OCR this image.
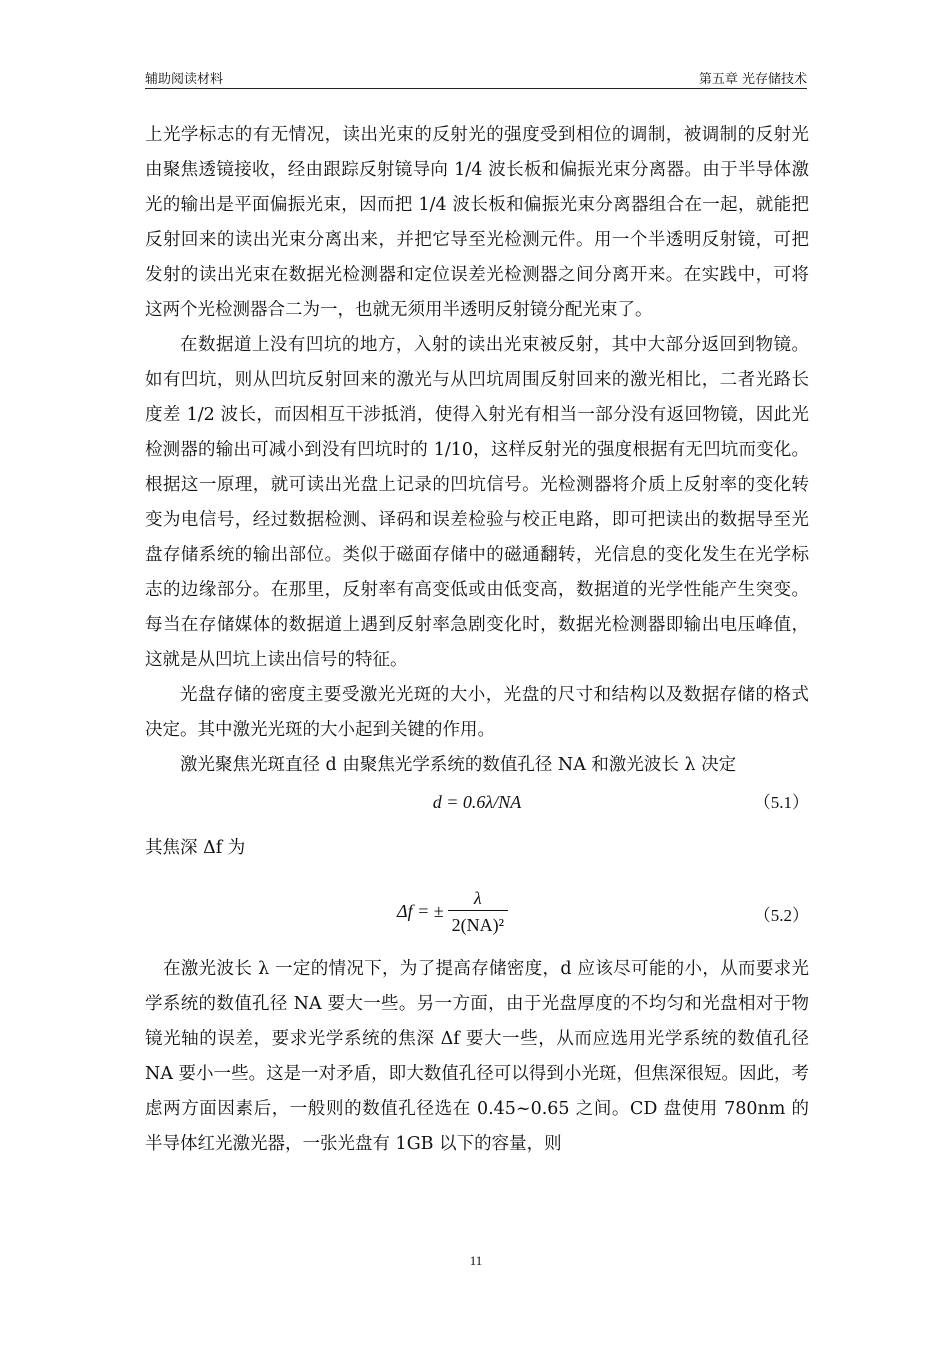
辅助阅读材料	第五章 光存储技术

上光学标志的有无情况，读出光束的反射光的强度受到相位的调制，被调制的反射光由聚焦透镜接收，经由跟踪反射镜导向 1/4 波长板和偏振光束分离器。由于半导体激光的输出是平面偏振光束，因而把 1/4 波长板和偏振光束分离器组合在一起，就能把反射回来的读出光束分离出来，并把它导至光检测元件。用一个半透明反射镜，可把发射的读出光束在数据光检测器和定位误差光检测器之间分离开来。在实践中，可将这两个光检测器合二为一，也就无须用半透明反射镜分配光束了。

在数据道上没有凹坑的地方，入射的读出光束被反射，其中大部分返回到物镜。如有凹坑，则从凹坑反射回来的激光与从凹坑周围反射回来的激光相比，二者光路长度差 1/2 波长，而因相互干涉抵消，使得入射光有相当一部分没有返回物镜，因此光检测器的输出可减小到没有凹坑时的 1/10，这样反射光的强度根据有无凹坑而变化。根据这一原理，就可读出光盘上记录的凹坑信号。光检测器将介质上反射率的变化转变为电信号，经过数据检测、译码和误差检验与校正电路，即可把读出的数据导至光盘存储系统的输出部位。类似于磁面存储中的磁通翻转，光信息的变化发生在光学标志的边缘部分。在那里，反射率有高变低或由低变高，数据道的光学性能产生突变。每当在存储媒体的数据道上遇到反射率急剧变化时，数据光检测器即输出电压峰值，这就是从凹坑上读出信号的特征。

光盘存储的密度主要受激光光斑的大小，光盘的尺寸和结构以及数据存储的格式决定。其中激光光斑的大小起到关键的作用。

激光聚焦光斑直径 d 由聚焦光学系统的数值孔径 NA 和激光波长 λ 决定

d = 0.6λ/NA	（5.1）

其焦深 Δf 为

Δf = ± $\frac{\lambda}{\text{2(NA)²}}$	（5.2）

在激光波长 λ 一定的情况下，为了提高存储密度，d 应该尽可能的小，从而要求光学系统的数值孔径 NA 要大一些。另一方面，由于光盘厚度的不均匀和光盘相对于物镜光轴的误差，要求光学系统的焦深 Δf 要大一些，从而应选用光学系统的数值孔径 NA 要小一些。这是一对矛盾，即大数值孔径可以得到小光斑，但焦深很短。因此，考虑两方面因素后，一般则的数值孔径选在 0.45~0.65 之间。CD 盘使用 780nm 的半导体红光激光器，一张光盘有 1GB 以下的容量，则

11
